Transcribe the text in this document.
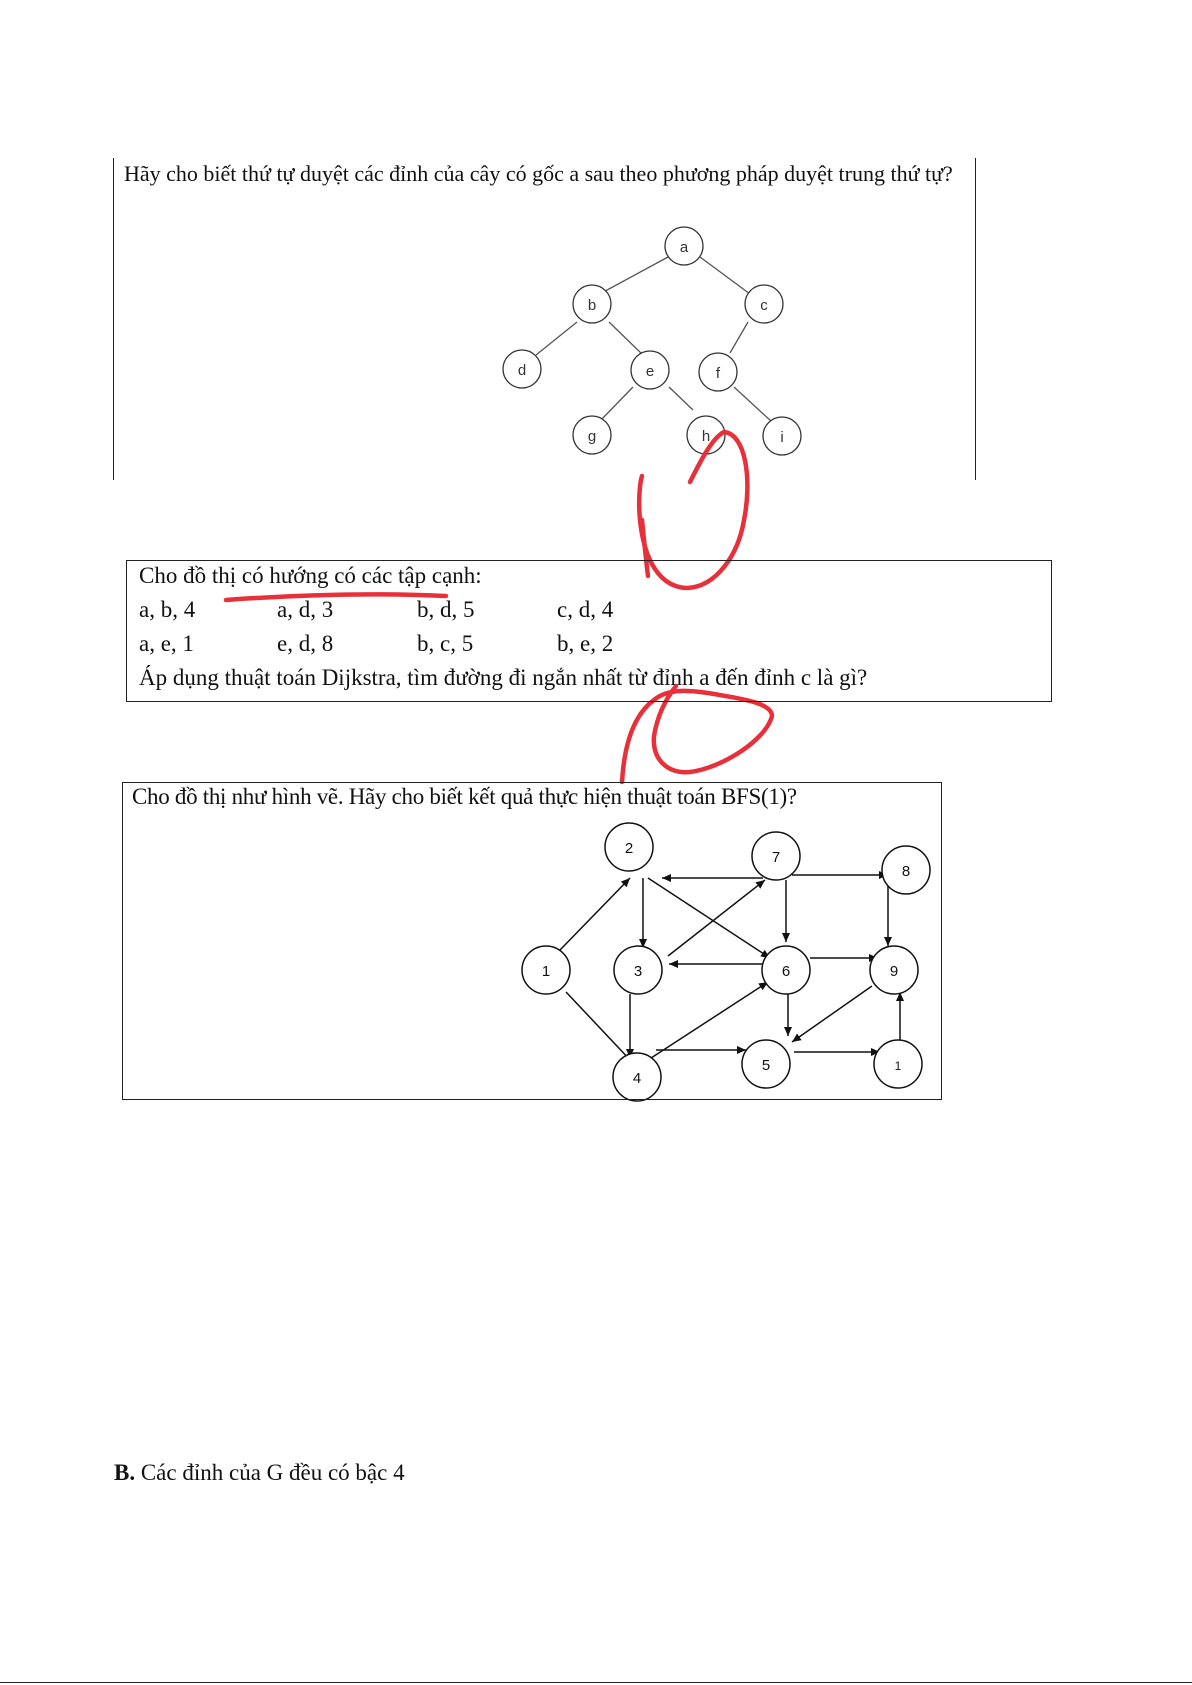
Hãy cho biết thứ tự duyệt các đỉnh của cây có gốc a sau theo phương pháp duyệt trung thứ tự?
a
b	c
d	e	f
g	h	i
1
2
3
4
5
6
7
8
9
1
Cho đồ thị có hướng có các tập cạnh:
a, b, 4	a, d, 3	b, d, 5	c, d, 4
a, e, 1	e, d, 8	b, c, 5	b, e, 2
Áp dụng thuật toán Dijkstra, tìm đường đi ngắn nhất từ đỉnh a đến đỉnh c là gì?
Cho đồ thị như hình vẽ. Hãy cho biết kết quả thực hiện thuật toán BFS(1)?
B. Các đỉnh của G đều có bậc 4
